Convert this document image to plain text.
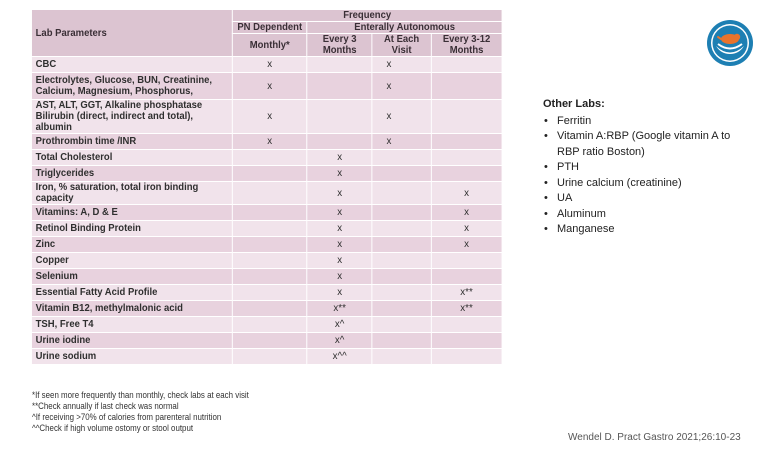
Lab Parameters	Frequency			
	PN Dependent	Enterally Autonomous		
	Monthly*	Every 3 Months	At Each Visit	Every 3-12 Months
CBC	x		x	
Electrolytes, Glucose, BUN, Creatinine, Calcium, Magnesium, Phosphorus,	x		x	
AST, ALT, GGT, Alkaline phosphatase Bilirubin (direct, indirect and total), albumin	x		x	
Prothrombin time /INR	x		x	
Total Cholesterol		x		
Triglycerides		x		
Iron, % saturation, total iron binding capacity		x		x
Vitamins: A, D & E		x		x
Retinol Binding Protein		x		x
Zinc		x		x
Copper		x		
Selenium		x		
Essential Fatty Acid Profile		x		x**
Vitamin B12, methylmalonic acid		x**		x**
TSH, Free T4		x^		
Urine iodine		x^		
Urine sodium		x^^		
*If seen more frequently than monthly, check labs at each visit
**Check annually if last check was normal
^If receiving >70% of calories from parenteral nutrition
^^Check if high volume ostomy or stool output
Other Labs:
• Ferritin
• Vitamin A:RBP (Google vitamin A to RBP ratio Boston)
• PTH
• Urine calcium (creatinine)
• UA
• Aluminum
• Manganese
Wendel D. Pract Gastro 2021;26:10-23
